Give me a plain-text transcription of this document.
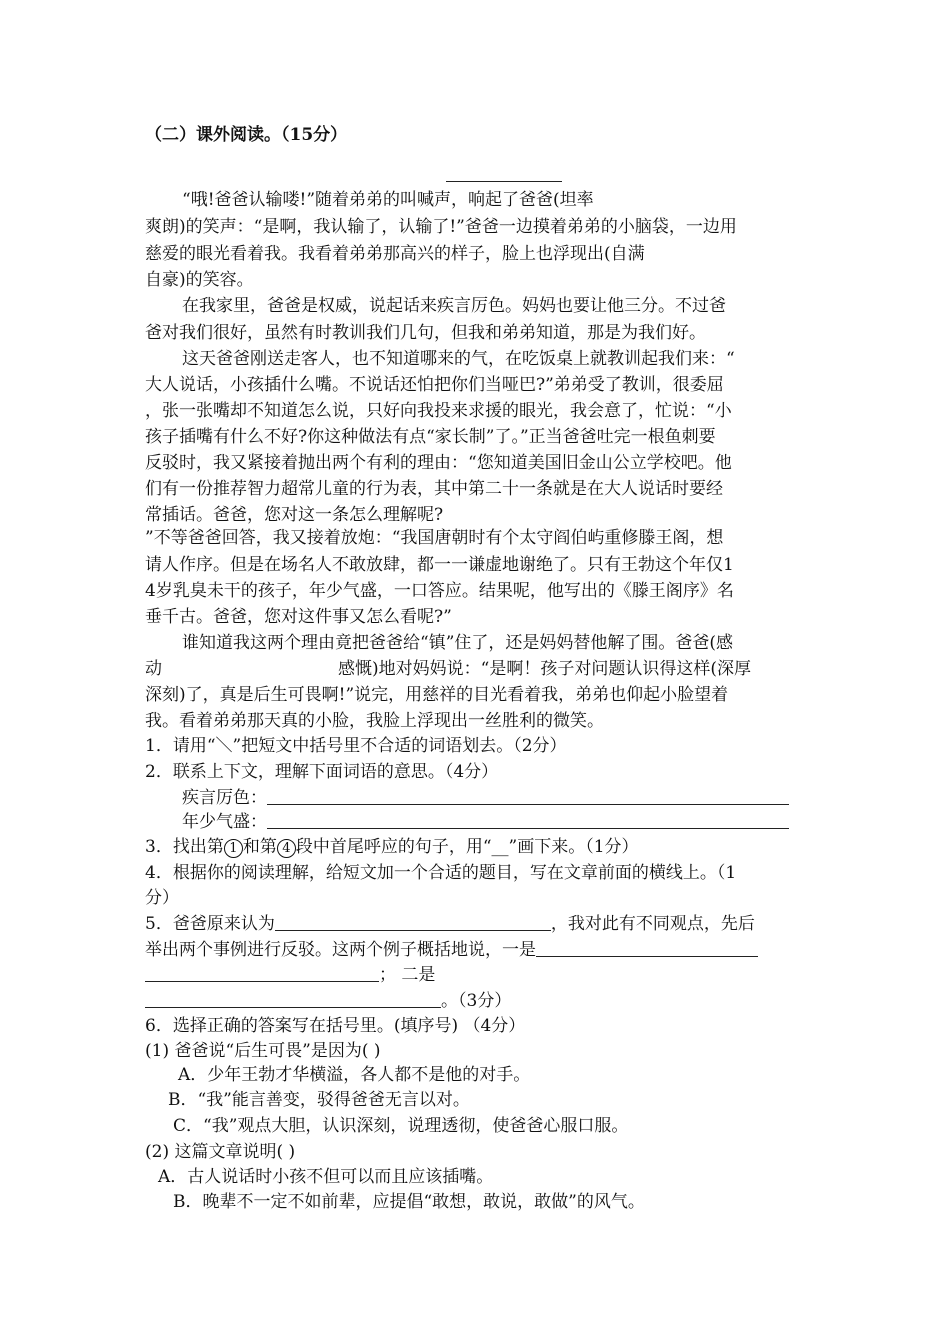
（二）课外阅读。（15分）
“哦!爸爸认输喽!”随着弟弟的叫喊声，响起了爸爸(坦率
爽朗)的笑声：“是啊，我认输了，认输了!”爸爸一边摸着弟弟的小脑袋，一边用
慈爱的眼光看着我。我看着弟弟那高兴的样子，脸上也浮现出(自满
自豪)的笑容。
在我家里，爸爸是权威，说起话来疾言厉色。妈妈也要让他三分。不过爸
爸对我们很好，虽然有时教训我们几句，但我和弟弟知道，那是为我们好。
这天爸爸刚送走客人，也不知道哪来的气，在吃饭桌上就教训起我们来：“
大人说话，小孩插什么嘴。不说话还怕把你们当哑巴?”弟弟受了教训，很委屈
，张一张嘴却不知道怎么说，只好向我投来求援的眼光，我会意了，忙说：“小
孩子插嘴有什么不好?你这种做法有点“家长制”了。”正当爸爸吐完一根鱼刺要
反驳时，我又紧接着抛出两个有利的理由：“您知道美国旧金山公立学校吧。他
们有一份推荐智力超常儿童的行为表，其中第二十一条就是在大人说话时要经
常插话。爸爸，您对这一条怎么理解呢?
”不等爸爸回答，我又接着放炮：“我国唐朝时有个太守阎伯屿重修滕王阁，想
请人作序。但是在场名人不敢放肆，都一一谦虚地谢绝了。只有王勃这个年仅1
4岁乳臭未干的孩子，年少气盛，一口答应。结果呢，他写出的《滕王阁序》名
垂千古。爸爸，您对这件事又怎么看呢?”
谁知道我这两个理由竟把爸爸给“镇”住了，还是妈妈替他解了围。爸爸(感
动	感慨)地对妈妈说：“是啊！孩子对问题认识得这样(深厚
深刻)了，真是后生可畏啊!”说完，用慈祥的目光看着我，弟弟也仰起小脸望着
我。看着弟弟那天真的小脸，我脸上浮现出一丝胜利的微笑。
1．请用“＼”把短文中括号里不合适的词语划去。（2分）
2．联系上下文，理解下面词语的意思。（4分）
疾言厉色：
年少气盛：
3．找出第 1 和第 4 段中首尾呼应的句子，用“__”画下来。（1分）
4．根据你的阅读理解，给短文加一个合适的题目，写在文章前面的横线上。（1
分）
5．爸爸原来认为	，我对此有不同观点，先后
举出两个事例进行反驳。这两个例子概括地说，一是
； 二是
。（3分）
6．选择正确的答案写在括号里。(填序号) （4分）
(1) 爸爸说“后生可畏”是因为( )
A．少年王勃才华横溢，各人都不是他的对手。
B．“我”能言善变，驳得爸爸无言以对。
C．“我”观点大胆，认识深刻，说理透彻，使爸爸心服口服。
(2) 这篇文章说明( )
A．古人说话时小孩不但可以而且应该插嘴。
B．晚辈不一定不如前辈，应提倡“敢想，敢说，敢做”的风气。
